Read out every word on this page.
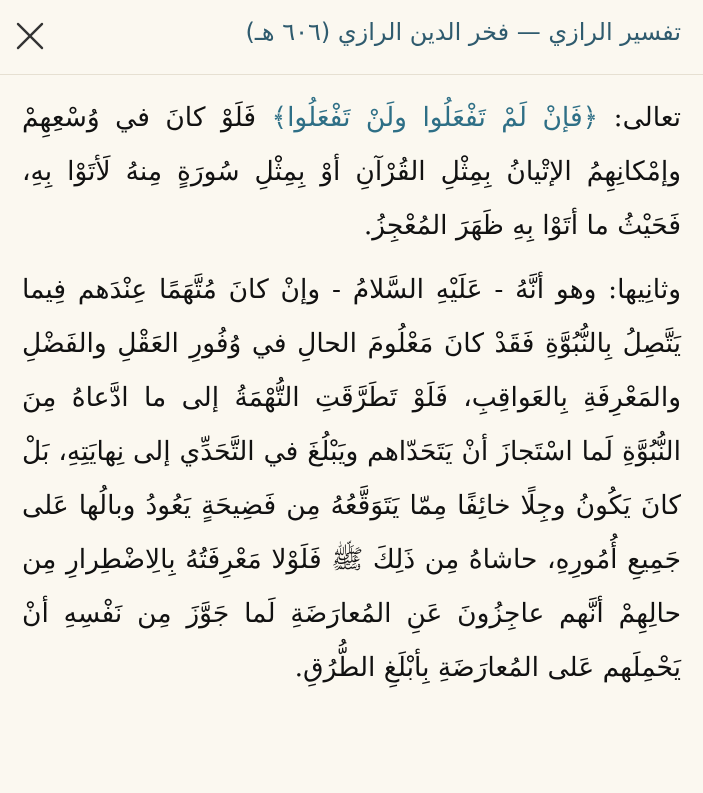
تفسير الرازي — فخر الدين الرازي (٦٠٦ هـ)

تعالى: ﴿فَإنْ لَمْ تَفْعَلُوا ولَنْ تَفْعَلُوا﴾ فَلَوْ كانَ في وُسْعِهِمْ وإمْكانِهِمُ الإتْيانُ بِمِثْلِ القُرْآنِ أوْ بِمِثْلِ سُورَةٍ مِنهُ لَأتَوْا بِهِ، فَحَيْثُ ما أتَوْا بِهِ ظَهَرَ المُعْجِزُ.

وثانِيها: وهو أنَّهُ - عَلَيْهِ السَّلامُ - وإنْ كانَ مُتَّهَمًا عِنْدَهم فِيما يَتَّصِلُ بِالنُّبُوَّةِ فَقَدْ كانَ مَعْلُومَ الحالِ في وُفُورِ العَقْلِ والفَضْلِ والمَعْرِفَةِ بِالعَواقِبِ، فَلَوْ تَطَرَّقَتِ التُّهْمَةُ إلى ما ادَّعاهُ مِنَ النُّبُوَّةِ لَما اسْتَجازَ أنْ يَتَحَدّاهم ويَبْلُغَ في التَّحَدِّي إلى نِهايَتِهِ، بَلْ كانَ يَكُونُ وجِلًا خائِفًا مِمّا يَتَوَقَّعُهُ مِن فَضِيحَةٍ يَعُودُ وبالُها عَلى جَمِيعِ أُمُورِهِ، حاشاهُ مِن ذَلِكَ ﷺ فَلَوْلا مَعْرِفَتُهُ بِالِاضْطِرارِ مِن حالِهِمْ أنَّهم عاجِزُونَ عَنِ المُعارَضَةِ لَما جَوَّزَ مِن نَفْسِهِ أنْ يَحْمِلَهم عَلى المُعارَضَةِ بِأبْلَغِ الطُّرُقِ.
